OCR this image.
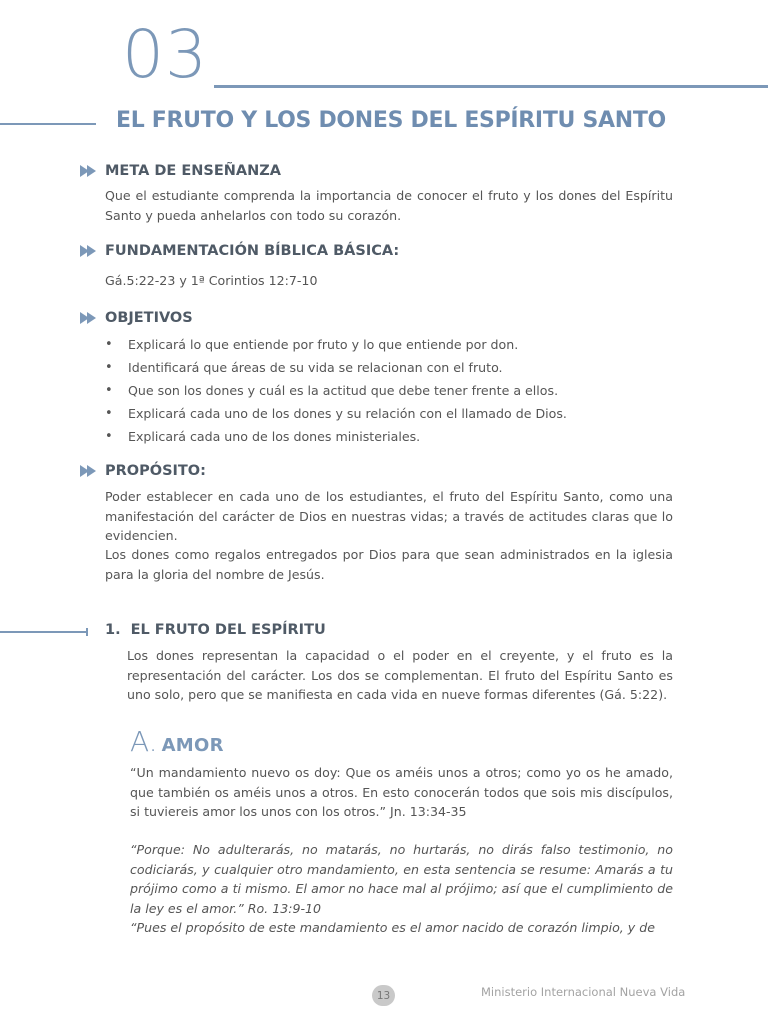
03
EL FRUTO Y LOS DONES DEL ESPÍRITU SANTO
META DE ENSEÑANZA
Que el estudiante comprenda la importancia de conocer el fruto y los dones del Espíritu Santo y pueda anhelarlos con todo su corazón.
FUNDAMENTACIÓN BÍBLICA BÁSICA:
Gá.5:22-23 y 1ª Corintios 12:7-10
OBJETIVOS
•	Explicará lo que entiende por fruto y lo que entiende por don.
•	Identificará que áreas de su vida se relacionan con el fruto.
•	Que son los dones y cuál es la actitud que debe tener frente a ellos.
•	Explicará cada uno de los dones y su relación con el llamado de Dios.
•	Explicará cada uno de los dones ministeriales.
PROPÓSITO:
Poder establecer en cada uno de los estudiantes, el fruto del Espíritu Santo, como una manifestación del carácter de Dios en nuestras vidas; a través de actitudes claras que lo evidencien.
Los dones como regalos entregados por Dios para que sean administrados en la iglesia para la gloria del nombre de Jesús.
1. EL FRUTO DEL ESPÍRITU
Los dones representan la capacidad o el poder en el creyente, y el fruto es la representación del carácter. Los dos se complementan. El fruto del Espíritu Santo es uno solo, pero que se manifiesta en cada vida en nueve formas diferentes (Gá. 5:22).
A. AMOR
“Un mandamiento nuevo os doy: Que os améis unos a otros; como yo os he amado, que también os améis unos a otros. En esto conocerán todos que sois mis discípulos, si tuviereis amor los unos con los otros.” Jn. 13:34-35
“Porque: No adulterarás, no matarás, no hurtarás, no dirás falso testimonio, no codiciarás, y cualquier otro mandamiento, en esta sentencia se resume: Amarás a tu prójimo como a ti mismo. El amor no hace mal al prójimo; así que el cumplimiento de la ley es el amor.” Ro. 13:9-10
“Pues el propósito de este mandamiento es el amor nacido de corazón limpio, y de
13	Ministerio Internacional Nueva Vida
